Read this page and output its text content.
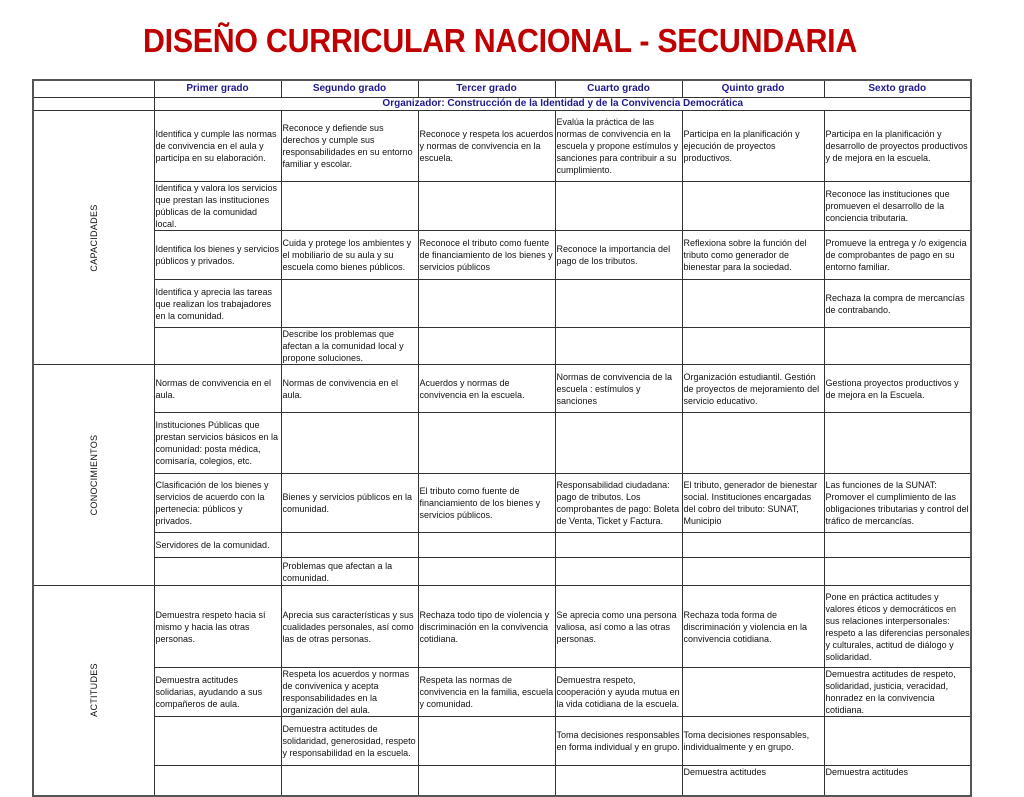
DISEÑO CURRICULAR NACIONAL - SECUNDARIA
	Primer grado	Segundo grado	Tercer grado	Cuarto grado	Quinto grado	Sexto grado
	Organizador: Construcción de la Identidad y de la Convivencia Democrática					

CAPACIDADES	Identifica y cumple las normas de convivencia en el aula y participa en su elaboración.	Reconoce y defiende sus derechos y cumple sus responsabilidades en su entorno familiar y escolar.	Reconoce y respeta los acuerdos y normas de convivencia en la escuela.	Evalúa la práctica de las normas de convivencia en la escuela y propone estímulos y sanciones para contribuir a su cumplimiento.	Participa en la planificación y ejecución de proyectos productivos.	Participa en la planificación y desarrollo de proyectos productivos y de mejora en la escuela.
	Identifica y valora los servicios que prestan las instituciones públicas de la comunidad local.					Reconoce las instituciones que promueven el desarrollo de la conciencia tributaria.
	Identifica los bienes y servicios públicos y privados.	Cuida y protege los ambientes y el mobiliario de su aula y su escuela como bienes públicos.	Reconoce el tributo como fuente de financiamiento de los bienes y servicios públicos	Reconoce la importancia del pago de los tributos.	Reflexiona sobre la función del tributo como generador de bienestar para la sociedad.	Promueve la entrega y /o exigencia de comprobantes de pago en su entorno familiar.
	Identifica y aprecia las tareas que realizan los trabajadores en la comunidad.					Rechaza la compra de mercancías de contrabando.
		Describe los problemas que afectan a la comunidad local y propone soluciones.				

CONOCIMIENTOS	Normas de convivencia en el aula.	Normas de convivencia en el aula.	Acuerdos y normas de convivencia en la escuela.	Normas de convivencia de la escuela : estímulos y sanciones	Organización estudiantil. Gestión de proyectos de mejoramiento del servicio educativo.	Gestiona proyectos productivos y de mejora en la Escuela.
	Instituciones Públicas que prestan servicios básicos en la comunidad: posta médica, comisaría, colegios, etc.					
	Clasificación de los bienes y servicios de acuerdo con la pertenecia: públicos y privados.	Bienes y servicios públicos en la comunidad.	El tributo como fuente de financiamiento de los bienes y servicios públicos.	Responsabilidad ciudadana: pago de tributos. Los comprobantes de pago: Boleta de Venta, Ticket y Factura.	El tributo, generador de bienestar social. Instituciones encargadas del cobro del tributo: SUNAT, Municipio	Las funciones de la SUNAT: Promover el cumplimiento de las obligaciones tributarias y control del tráfico de mercancías.
	Servidores de la comunidad.					
		Problemas que afectan a la comunidad.				

ACTITUDES	Demuestra respeto hacia sí mismo y hacia las otras personas.	Aprecia sus características y sus cualidades personales, así como las de otras personas.	Rechaza todo tipo de violencia y discriminación en la convivencia cotidiana.	Se aprecia como una persona valiosa, así como a las otras personas.	Rechaza toda forma de discriminación y violencia en la convivencia cotidiana.	Pone en práctica actitudes y valores éticos y democráticos en sus relaciones interpersonales: respeto a las diferencias personales y culturales, actitud de diálogo y solidaridad.
	Demuestra actitudes solidarias, ayudando a sus compañeros de aula.	Respeta los acuerdos y normas de convivenica y acepta responsabilidades en la organización del aula.	Respeta las normas de convivencia en la familia, escuela y comunidad.	Demuestra respeto, cooperación y ayuda mutua en la vida cotidiana de la escuela.		Demuestra actitudes de respeto, solidaridad, justicia, veracidad, honradez en la convivencia cotidiana.
		Demuestra actitudes de solidaridad, generosidad, respeto y responsabilidad en la escuela.		Toma decisiones responsables en forma individual y en grupo.	Toma decisiones responsables, individualmente y en grupo.	
					Demuestra actitudes	Demuestra actitudes
